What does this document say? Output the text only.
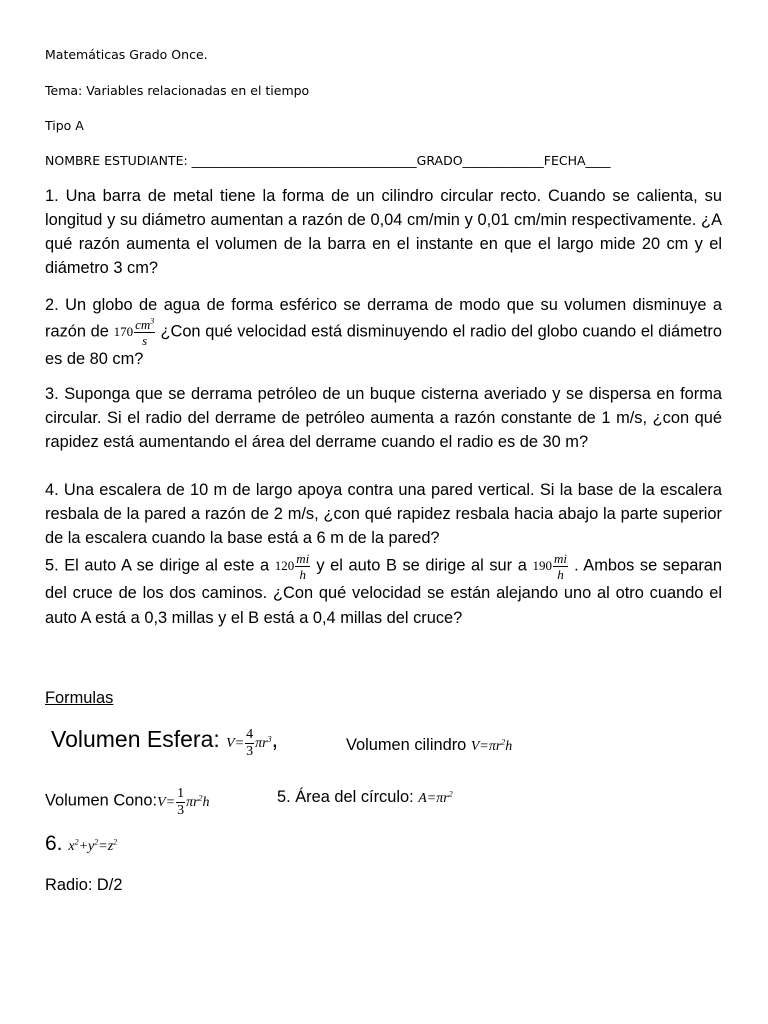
Matemáticas Grado Once.
Tema: Variables relacionadas en el tiempo
Tipo A
NOMBRE ESTUDIANTE: ____________________________________GRADO_____________FECHA____
1. Una barra de metal tiene la forma de un cilindro circular recto. Cuando se calienta, su longitud y su diámetro aumentan a razón de 0,04 cm/min y 0,01 cm/min respectivamente. ¿A qué razón aumenta el volumen de la barra en el instante en que el largo mide 20 cm y el diámetro 3 cm?
2. Un globo de agua de forma esférico se derrama de modo que su volumen disminuye a razón de $170 \frac{cm^3}{s}$ ¿Con qué velocidad está disminuyendo el radio del globo cuando el diámetro es de 80 cm?
3. Suponga que se derrama petróleo de un buque cisterna averiado y se dispersa en forma circular. Si el radio del derrame de petróleo aumenta a razón constante de 1 m/s, ¿con qué rapidez está aumentando el área del derrame cuando el radio es de 30 m?
4. Una escalera de 10 m de largo apoya contra una pared vertical. Si la base de la escalera resbala de la pared a razón de 2 m/s, ¿con qué rapidez resbala hacia abajo la parte superior de la escalera cuando la base está a 6 m de la pared?
5. El auto A se dirige al este a $120 \frac{mi}{h}$ y el auto B se dirige al sur a $190 \frac{mi}{h}$ . Ambos se separan del cruce de los dos caminos. ¿Con qué velocidad se están alejando uno al otro cuando el auto A está a 0,3 millas y el B está a 0,4 millas del cruce?
Formulas
Volumen Esfera: $V= \frac{4}{3} \pi r^3$,	Volumen cilindro $V=\pi r^2h$
Volumen Cono:V= $\frac{1}{3} \pi r^2h$	5. Área del círculo: $A=\pi r^2$
6. $x^2+y^2=z^2$
Radio: D/2
